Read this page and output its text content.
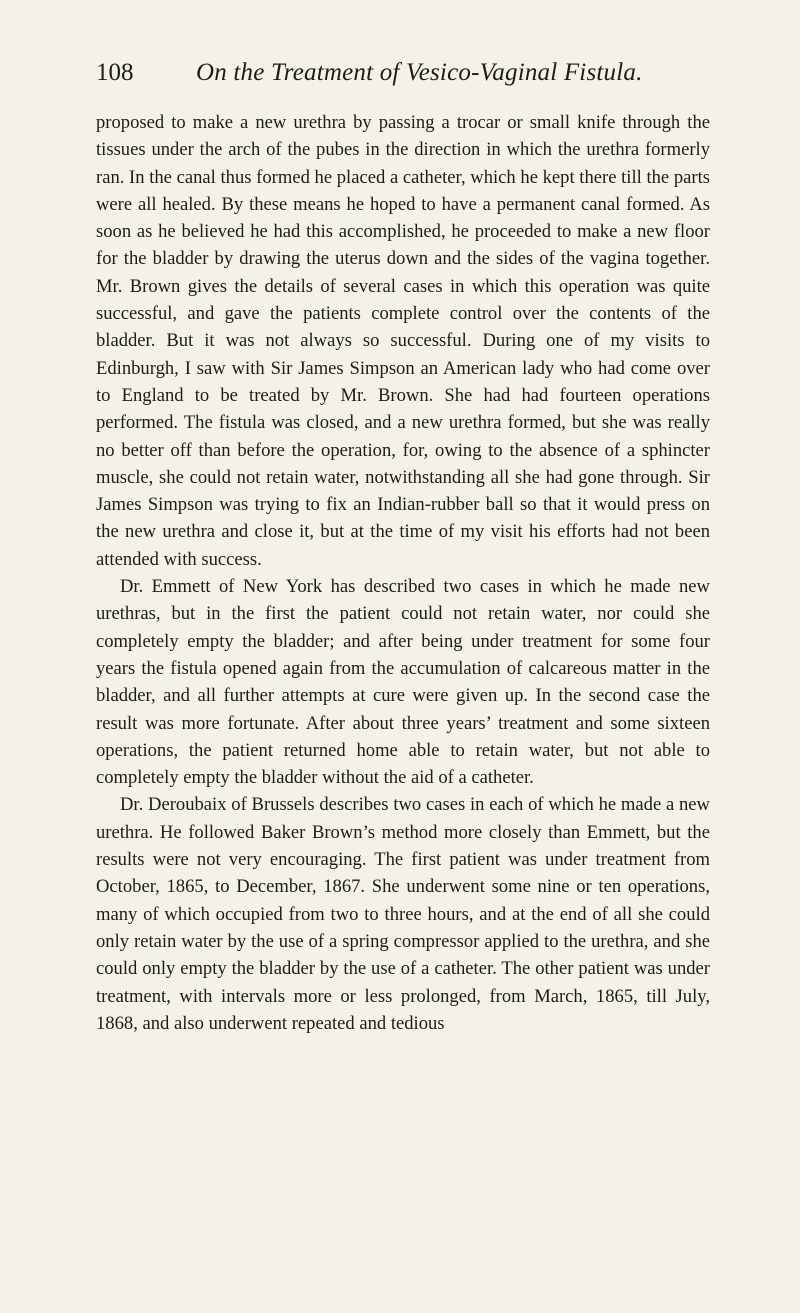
108	On the Treatment of Vesico-Vaginal Fistula.

proposed to make a new urethra by passing a trocar or small knife through the tissues under the arch of the pubes in the direction in which the urethra formerly ran. In the canal thus formed he placed a catheter, which he kept there till the parts were all healed. By these means he hoped to have a permanent canal formed. As soon as he believed he had this accomplished, he proceeded to make a new floor for the bladder by drawing the uterus down and the sides of the vagina together. Mr. Brown gives the details of several cases in which this operation was quite successful, and gave the patients complete control over the contents of the bladder. But it was not always so successful. During one of my visits to Edinburgh, I saw with Sir James Simpson an American lady who had come over to England to be treated by Mr. Brown. She had had fourteen operations performed. The fistula was closed, and a new urethra formed, but she was really no better off than before the operation, for, owing to the absence of a sphincter muscle, she could not retain water, notwithstanding all she had gone through. Sir James Simpson was trying to fix an Indian-rubber ball so that it would press on the new urethra and close it, but at the time of my visit his efforts had not been attended with success.

Dr. Emmett of New York has described two cases in which he made new urethras, but in the first the patient could not retain water, nor could she completely empty the bladder; and after being under treatment for some four years the fistula opened again from the accumulation of calcareous matter in the bladder, and all further attempts at cure were given up. In the second case the result was more fortunate. After about three years’ treatment and some sixteen operations, the patient returned home able to retain water, but not able to completely empty the bladder without the aid of a catheter.

Dr. Deroubaix of Brussels describes two cases in each of which he made a new urethra. He followed Baker Brown’s method more closely than Emmett, but the results were not very encouraging. The first patient was under treatment from October, 1865, to December, 1867. She underwent some nine or ten operations, many of which occupied from two to three hours, and at the end of all she could only retain water by the use of a spring compressor applied to the urethra, and she could only empty the bladder by the use of a catheter. The other patient was under treatment, with intervals more or less prolonged, from March, 1865, till July, 1868, and also underwent repeated and tedious
